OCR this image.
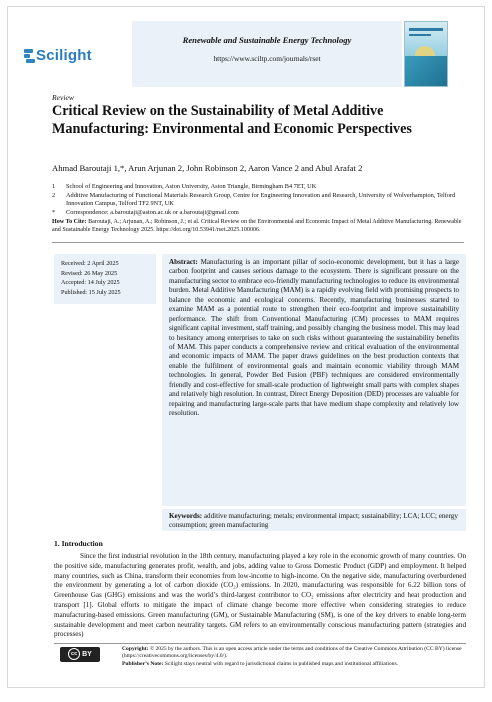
Scilight
Renewable and Sustainable Energy Technology
https://www.sciltp.com/journals/rset
Review
Critical Review on the Sustainability of Metal Additive Manufacturing: Environmental and Economic Perspectives
Ahmad Baroutaji 1,*, Arun Arjunan 2, John Robinson 2, Aaron Vance 2 and Abul Arafat 2
1	School of Engineering and Innovation, Aston University, Aston Triangle, Birmingham B4 7ET, UK
2	Additive Manufacturing of Functional Materials Research Group, Centre for Engineering Innovation and Research, University of Wolverhampton, Telford Innovation Campus, Telford TF2 9NT, UK
*	Correspondence: a.baroutaji@aston.ac.uk or a.baroutaji@gmail.com
How To Cite: Baroutaji, A.; Arjunan, A.; Robinson, J.; et al. Critical Review on the Environmental and Economic Impact of Metal Additive Manufacturing. Renewable and Sustainable Energy Technology 2025. https://doi.org/10.53941/rset.2025.100006.
Received: 2 April 2025
Revised: 26 May 2025
Accepted: 14 July 2025
Published: 15 July 2025
Abstract: Manufacturing is an important pillar of socio-economic development, but it has a large carbon footprint and causes serious damage to the ecosystem. There is significant pressure on the manufacturing sector to embrace eco-friendly manufacturing technologies to reduce its environmental burden. Metal Additive Manufacturing (MAM) is a rapidly evolving field with promising prospects to balance the economic and ecological concerns. Recently, manufacturing businesses started to examine MAM as a potential route to strengthen their eco-footprint and improve sustainability performance. The shift from Conventional Manufacturing (CM) processes to MAM requires significant capital investment, staff training, and possibly changing the business model. This may lead to hesitancy among enterprises to take on such risks without guaranteeing the sustainability benefits of MAM. This paper conducts a comprehensive review and critical evaluation of the environmental and economic impacts of MAM. The paper draws guidelines on the best production contexts that enable the fulfilment of environmental goals and maintain economic viability through MAM technologies. In general, Powder Bed Fusion (PBF) techniques are considered environmentally friendly and cost-effective for small-scale production of lightweight small parts with complex shapes and relatively high resolution. In contrast, Direct Energy Deposition (DED) processes are valuable for repairing and manufacturing large-scale parts that have medium shape complexity and relatively low resolution.
Keywords: additive manufacturing; metals; environmental impact; sustainability; LCA; LCC; energy consumption; green manufacturing
1. Introduction

Since the first industrial revolution in the 18th century, manufacturing played a key role in the economic growth of many countries. On the positive side, manufacturing generates profit, wealth, and jobs, adding value to Gross Domestic Product (GDP) and employment. It helped many countries, such as China, transform their economies from low-income to high-income. On the negative side, manufacturing overburdened the environment by generating a lot of carbon dioxide (CO₂) emissions. In 2020, manufacturing was responsible for 6.22 billion tons of Greenhouse Gas (GHG) emissions and was the world’s third-largest contributor to CO₂ emissions after electricity and heat production and transport [1]. Global efforts to mitigate the impact of climate change become more effective when considering strategies to reduce manufacturing-based emissions. Green manufacturing (GM), or Sustainable Manufacturing (SM), is one of the key drivers to enable long-term sustainable development and meet carbon neutrality targets. GM refers to an environmentally conscious manufacturing pattern (strategies and processes)

cc BY
Copyright: © 2025 by the authors. This is an open access article under the terms and conditions of the Creative Commons Attribution (CC BY) license (https://creativecommons.org/licenses/by/4.0/).
Publisher’s Note: Scilight stays neutral with regard to jurisdictional claims in published maps and institutional affiliations.
